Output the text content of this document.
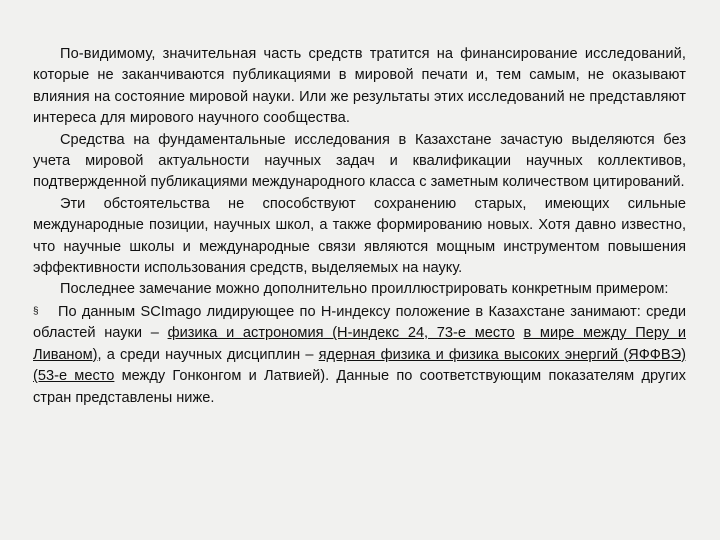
По-видимому, значительная часть средств тратится на финансирование исследований, которые не заканчиваются публикациями в мировой печати и, тем самым, не оказывают влияния на состояние мировой науки. Или же результаты этих исследований не представляют интереса для мирового научного сообщества.

Средства на фундаментальные исследования в Казахстане зачастую выделяются без учета мировой актуальности научных задач и квалификации научных коллективов, подтвержденной публикациями международного класса с заметным количеством цитирований.

Эти обстоятельства не способствуют сохранению старых, имеющих сильные международные позиции, научных школ, а также формированию новых. Хотя давно известно, что научные школы и международные связи являются мощным инструментом повышения эффективности использования средств, выделяемых на науку.

Последнее замечание можно дополнительно проиллюстрировать конкретным примером:

§ По данным SCImago лидирующее по Н-индексу положение в Казахстане занимают: среди областей науки – физика и астрономия (Н-индекс 24, 73-е место в мире между Перу и Ливаном), а среди научных дисциплин – ядерная физика и физика высоких энергий (ЯФФВЭ) (53-е место между Гонконгом и Латвией). Данные по соответствующим показателям других стран представлены ниже.
